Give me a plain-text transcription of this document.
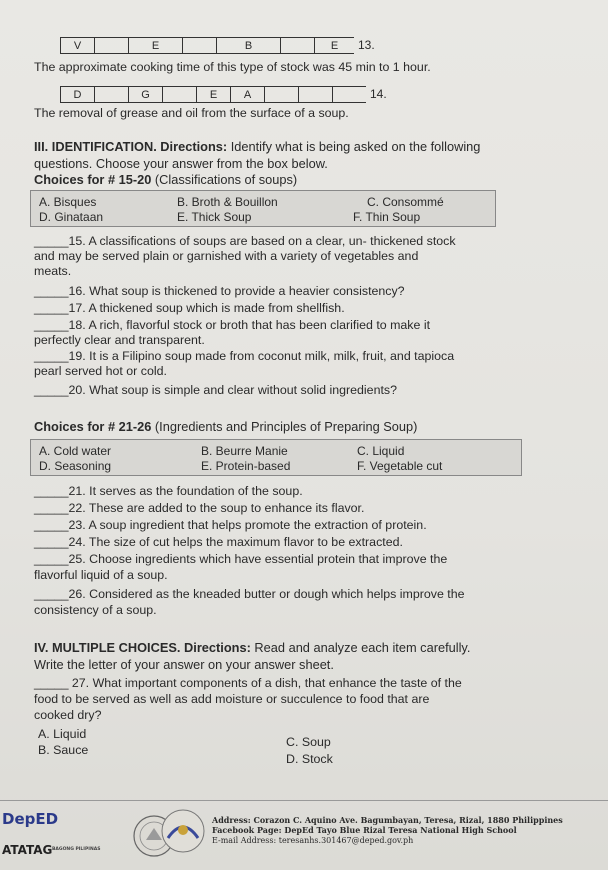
V	E	B	E	13.
The approximate cooking time of this type of stock was 45 min to 1 hour.
D	G	E	A	14.
The removal of grease and oil from the surface of a soup.
III. IDENTIFICATION. Directions: Identify what is being asked on the following
questions. Choose your answer from the box below.
Choices for # 15-20 (Classifications of soups)
A. Bisques	B. Broth & Bouillon	C. Consommé
D. Ginataan	E. Thick Soup	F. Thin Soup
_____15. A classifications of soups are based on a clear, un- thickened stock
and may be served plain or garnished with a variety of vegetables and
meats.
_____16. What soup is thickened to provide a heavier consistency?
_____17. A thickened soup which is made from shellfish.
_____18. A rich, flavorful stock or broth that has been clarified to make it
perfectly clear and transparent.
_____19. It is a Filipino soup made from coconut milk, milk, fruit, and tapioca
pearl served hot or cold.
_____20. What soup is simple and clear without solid ingredients?
Choices for # 21-26 (Ingredients and Principles of Preparing Soup)
A. Cold water	B. Beurre Manie	C. Liquid
D. Seasoning	E. Protein-based	F. Vegetable cut
_____21. It serves as the foundation of the soup.
_____22. These are added to the soup to enhance its flavor.
_____23. A soup ingredient that helps promote the extraction of protein.
_____24. The size of cut helps the maximum flavor to be extracted.
_____25. Choose ingredients which have essential protein that improve the
flavorful liquid of a soup.
_____26. Considered as the kneaded butter or dough which helps improve the
consistency of a soup.
IV. MULTIPLE CHOICES. Directions: Read and analyze each item carefully.
Write the letter of your answer on your answer sheet.
_____ 27. What important components of a dish, that enhance the taste of the
food to be served as well as add moisture or succulence to food that are
cooked dry?
A. Liquid
B. Sauce
C. Soup
D. Stock
DepED
ATATAG BAGONG PILIPINAS
Address: Corazon C. Aquino Ave. Bagumbayan, Teresa, Rizal, 1880 Philippines
Facebook Page: DepEd Tayo Blue Rizal Teresa National High School
E-mail Address: teresanhs.301467@deped.gov.ph
